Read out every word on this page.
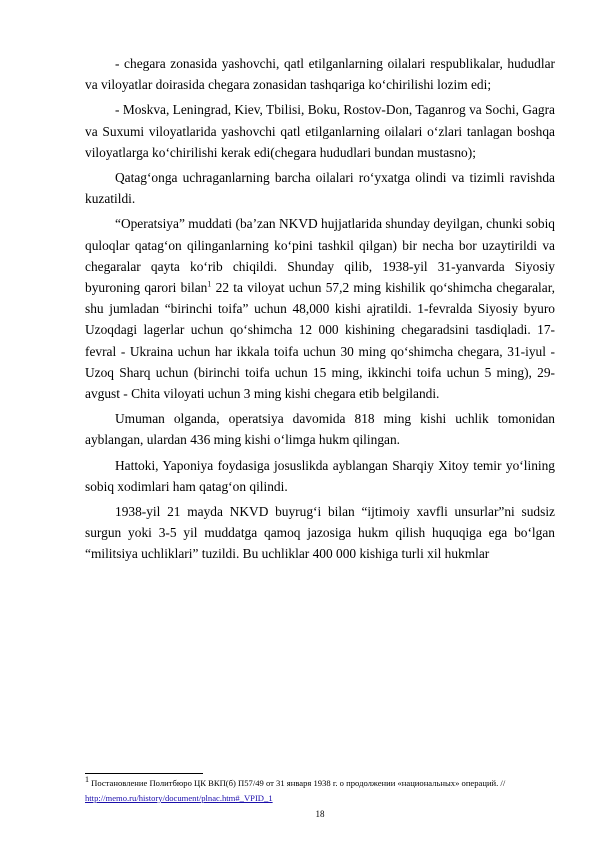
- chegara zonasida yashovchi, qatl etilganlarning oilalari respublikalar, hududlar va viloyatlar doirasida chegara zonasidan tashqariga ko‘chirilishi lozim edi;

- Moskva, Leningrad, Kiev, Tbilisi, Boku, Rostov-Don, Taganrog va Sochi, Gagra va Suxumi viloyatlarida yashovchi qatl etilganlarning oilalari o‘zlari tanlagan boshqa viloyatlarga ko‘chirilishi kerak edi(chegara hududlari bundan mustasno);

Qatag‘onga uchraganlarning barcha oilalari ro‘yxatga olindi va tizimli ravishda kuzatildi.

“Operatsiya” muddati (ba’zan NKVD hujjatlarida shunday deyilgan, chunki sobiq quloqlar qatag‘on qilinganlarning ko‘pini tashkil qilgan) bir necha bor uzaytirildi va chegaralar qayta ko‘rib chiqildi. Shunday qilib, 1938-yil 31-yanvarda Siyosiy byuroning qarori bilan$^1$ 22 ta viloyat uchun 57,2 ming kishilik qo‘shimcha chegaralar, shu jumladan “birinchi toifa” uchun 48,000 kishi ajratildi. 1-fevralda Siyosiy byuro Uzoqdagi lagerlar uchun qo‘shimcha 12 000 kishining chegaradsini tasdiqladi. 17-fevral - Ukraina uchun har ikkala toifa uchun 30 ming qo‘shimcha chegara, 31-iyul - Uzoq Sharq uchun (birinchi toifa uchun 15 ming, ikkinchi toifa uchun 5 ming), 29-avgust - Chita viloyati uchun 3 ming kishi chegara etib belgilandi.

Umuman olganda, operatsiya davomida 818 ming kishi uchlik tomonidan ayblangan, ulardan 436 ming kishi o‘limga hukm qilingan.

Hattoki, Yaponiya foydasiga josuslikda ayblangan Sharqiy Xitoy temir yo‘lining sobiq xodimlari ham qatag‘on qilindi.

1938-yil 21 mayda NKVD buyrug‘i bilan “ijtimoiy xavfli unsurlar”ni sudsiz surgun yoki 3-5 yil muddatga qamoq jazosiga hukm qilish huquqiga ega bo‘lgan “militsiya uchliklari” tuzildi. Bu uchliklar 400 000 kishiga turli xil hukmlar

$^1$ Постановление Политбюро ЦК ВКП(б) П57/49 от 31 января 1938 г. о продолжении «национальных» операций. // http://memo.ru/history/document/plnac.htm#_VPID_1
18
